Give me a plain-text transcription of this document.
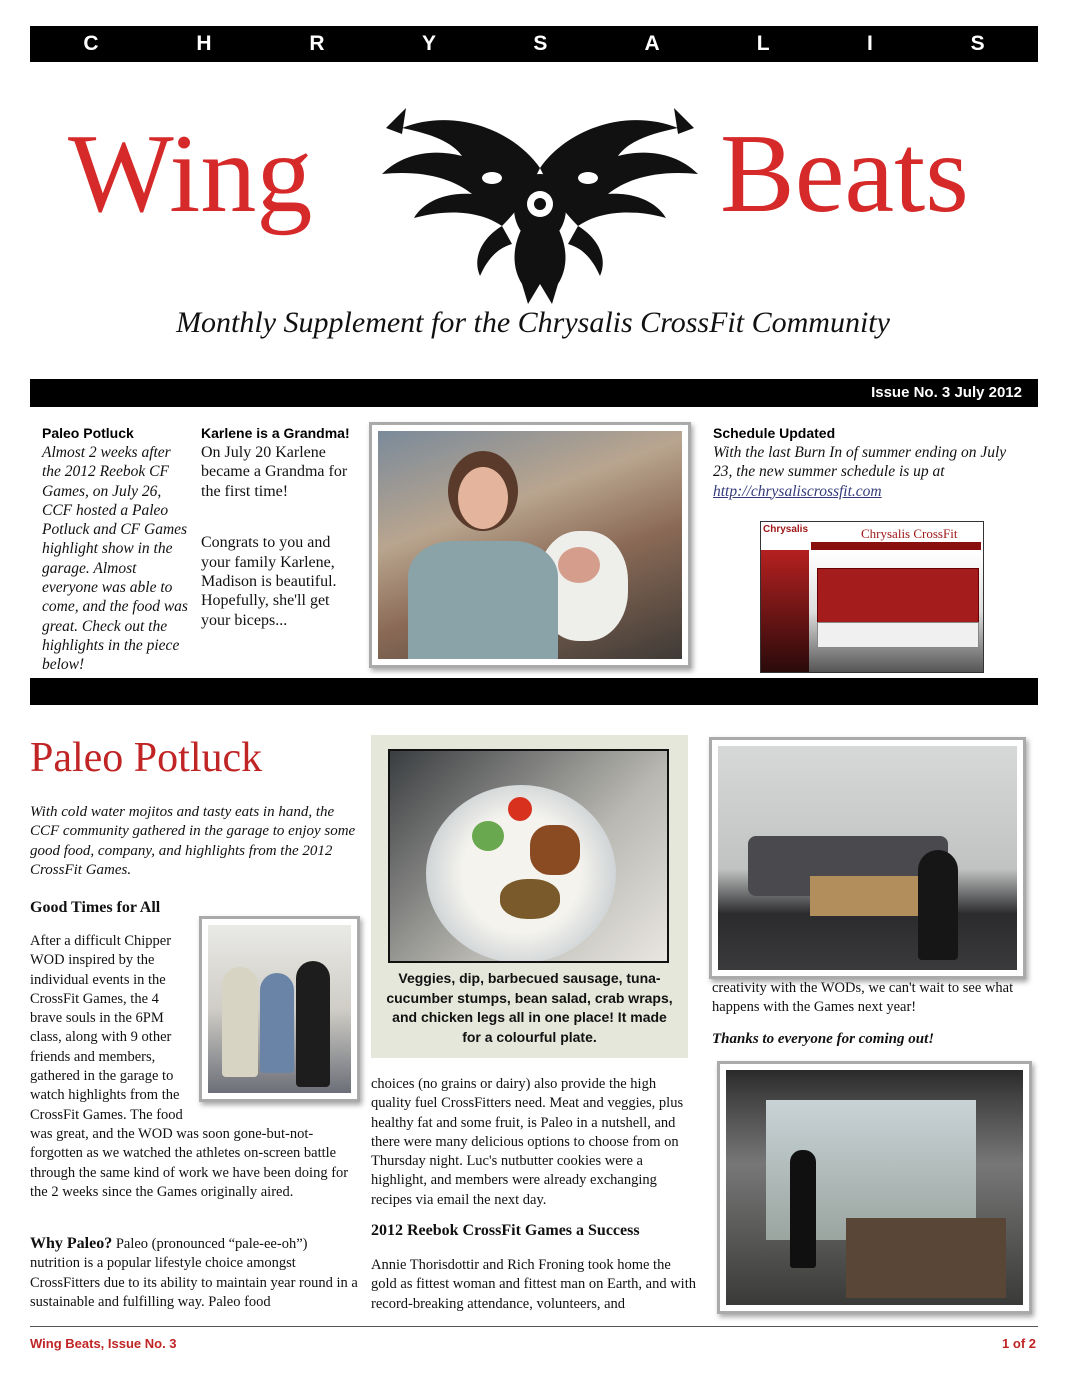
C H R Y S A L I S
Wing	Beats
Monthly Supplement for the Chrysalis CrossFit Community
Issue No. 3 July 2012
Paleo Potluck
Almost 2 weeks after the 2012 Reebok CF Games, on July 26, CCF hosted a Paleo Potluck and CF Games highlight show in the garage. Almost everyone was able to come, and the food was great. Check out the highlights in the piece below!
Karlene is a Grandma!
On July 20 Karlene became a Grandma for the first time!
Congrats to you and your family Karlene, Madison is beautiful. Hopefully, she'll get your biceps...
Schedule Updated
With the last Burn In of summer ending on July 23, the new summer schedule is up at http://chrysaliscrossfit.com
Chrysalis	Chrysalis CrossFit
Paleo Potluck
With cold water mojitos and tasty eats in hand, the CCF community gathered in the garage to enjoy some good food, company, and highlights from the 2012 CrossFit Games.
Good Times for All
After a difficult Chipper
WOD inspired by the
individual events in the
CrossFit Games, the 4
brave souls in the 6PM
class, along with 9 other
friends and members,
gathered in the garage to
watch highlights from the
CrossFit Games. The food
was great, and the WOD was soon gone-but-not-forgotten as we watched the athletes on-screen battle through the same kind of work we have been doing for the 2 weeks since the Games originally aired.
Why Paleo? Paleo (pronounced “pale-ee-oh”) nutrition is a popular lifestyle choice amongst CrossFitters due to its ability to maintain year round in a sustainable and fulfilling way. Paleo food
Veggies, dip, barbecued sausage, tuna-cucumber stumps, bean salad, crab wraps, and chicken legs all in one place! It made for a colourful plate.
choices (no grains or dairy) also provide the high quality fuel CrossFitters need. Meat and veggies, plus healthy fat and some fruit, is Paleo in a nutshell, and there were many delicious options to choose from on Thursday night. Luc's nutbutter cookies were a highlight, and members were already exchanging recipes via email the next day.
2012 Reebok CrossFit Games a Success
Annie Thorisdottir and Rich Froning took home the gold as fittest woman and fittest man on Earth, and with record-breaking attendance, volunteers, and
creativity with the WODs, we can't wait to see what happens with the Games next year!
Thanks to everyone for coming out!
Wing Beats, Issue No. 3	1 of 2
